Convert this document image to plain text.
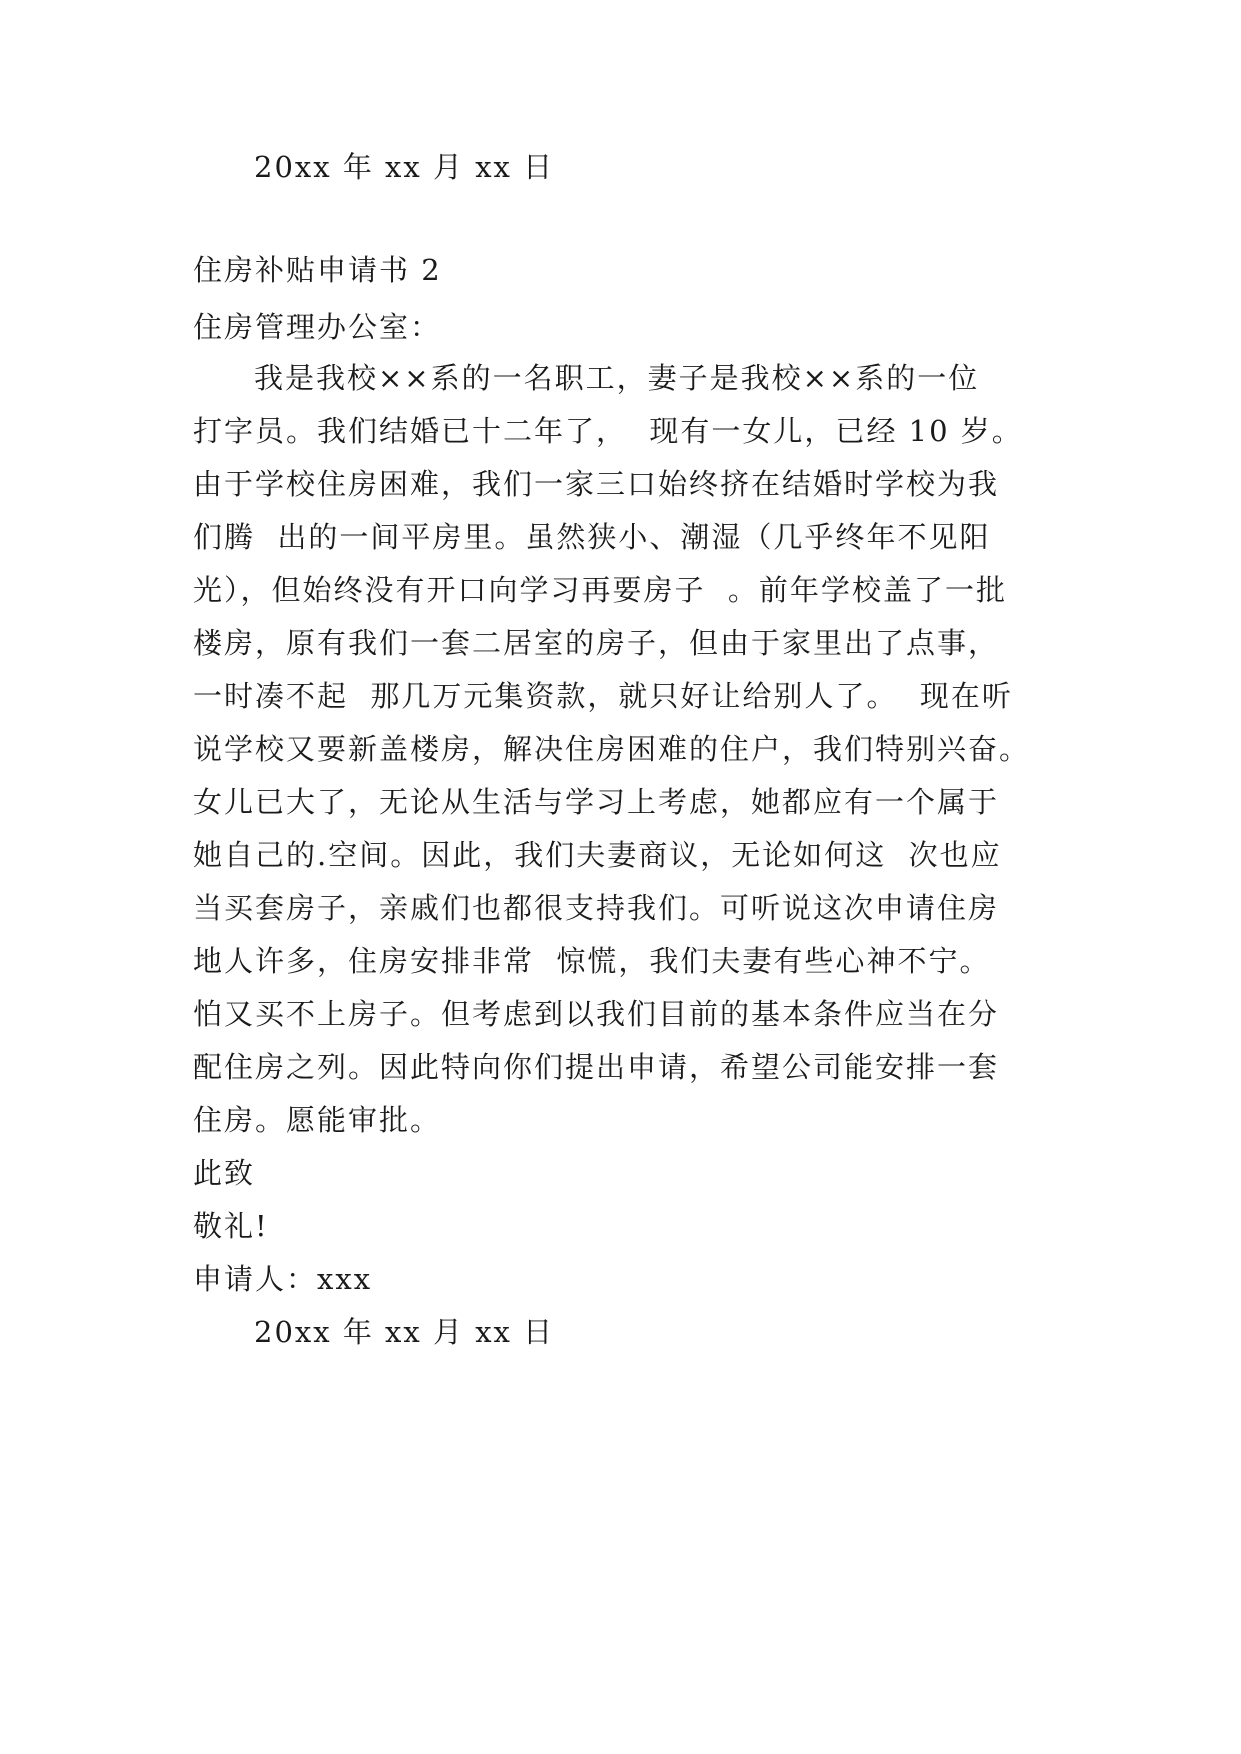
20xx 年 xx 月 xx 日
住房补贴申请书 2
住房管理办公室：
我是我校××系的一名职工，妻子是我校××系的一位
打字员。我们结婚已十二年了，  现有一女儿，已经 10 岁。
由于学校住房困难，我们一家三口始终挤在结婚时学校为我
们腾  出的一间平房里。虽然狭小、潮湿（几乎终年不见阳
光），但始终没有开口向学习再要房子  。前年学校盖了一批
楼房，原有我们一套二居室的房子，但由于家里出了点事，
一时凑不起  那几万元集资款，就只好让给别人了。  现在听
说学校又要新盖楼房，解决住房困难的住户，我们特别兴奋。
女儿已大了，无论从生活与学习上考虑，她都应有一个属于
她自己的.空间。因此，我们夫妻商议，无论如何这  次也应
当买套房子，亲戚们也都很支持我们。可听说这次申请住房
地人许多，住房安排非常  惊慌，我们夫妻有些心神不宁。
怕又买不上房子。但考虑到以我们目前的基本条件应当在分
配住房之列。因此特向你们提出申请，希望公司能安排一套
住房。愿能审批。
此致
敬礼!
申请人：xxx
20xx 年 xx 月 xx 日
